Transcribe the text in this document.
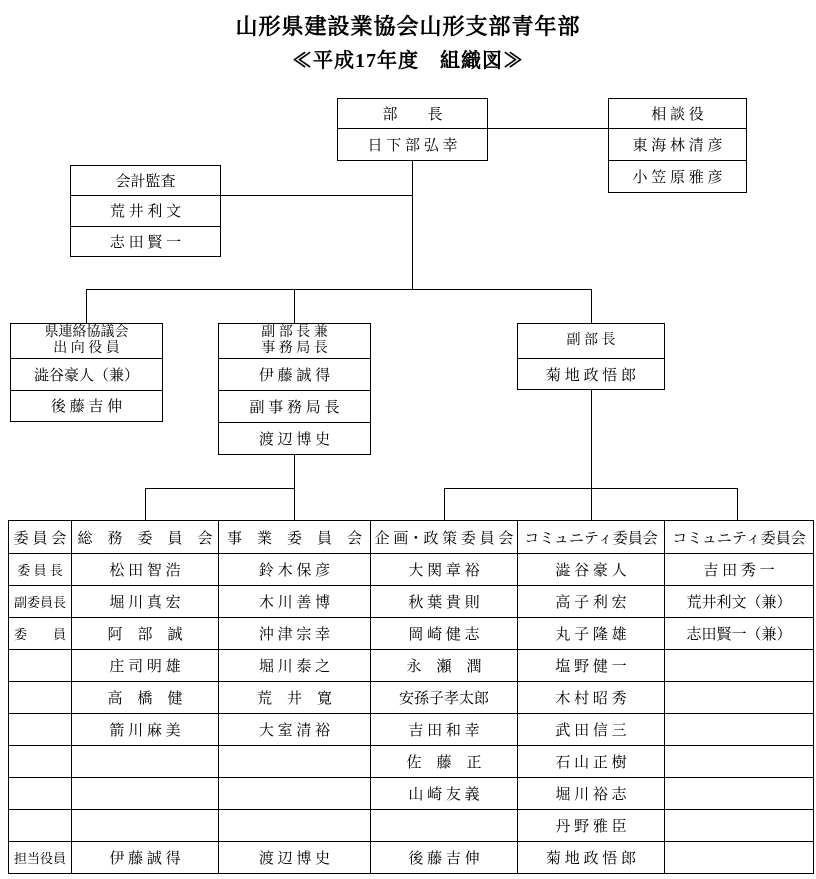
山形県建設業協会山形支部青年部
≪平成17年度　組織図≫
部　　長
日 下 部 弘 幸
相 談 役
東 海 林 清 彦
小 笠 原 雅 彦
会計監査
荒 井 利 文
志 田 賢 一
県連絡協議会
出 向 役 員
澁谷豪人（兼）
後 藤 吉 伸
副 部 長 兼
事 務 局 長
伊 藤 誠 得
副 事 務 局 長
渡 辺 博 史
副 部 長
菊 地 政 悟 郎
委 員 会	総　務　委　員　会	事　業　委　員　会	企 画・政 策 委 員 会	コミュニティ委員会	コミュニティ委員会
委 員 長	松 田 智 浩	鈴 木 保 彦	大 関 章 裕	澁 谷 豪 人	吉 田 秀 一
副委員長	堀 川 真 宏	木 川 善 博	秋 葉 貴 則	高 子 利 宏	荒井利文（兼）
委　　員	阿　部　誠	沖 津 宗 幸	岡 崎 健 志	丸 子 隆 雄	志田賢一（兼）
	庄 司 明 雄	堀 川 泰 之	永　瀬　潤	塩 野 健 一	
	高　橋　健	荒　井　寛	安孫子孝太郎	木 村 昭 秀	
	箭 川 麻 美	大 室 清 裕	吉 田 和 幸	武 田 信 三	
			佐　藤　正	石 山 正 樹	
			山 崎 友 義	堀 川 裕 志	
				丹 野 雅 臣	
担当役員	伊 藤 誠 得	渡 辺 博 史	後 藤 吉 伸	菊 地 政 悟 郎	
